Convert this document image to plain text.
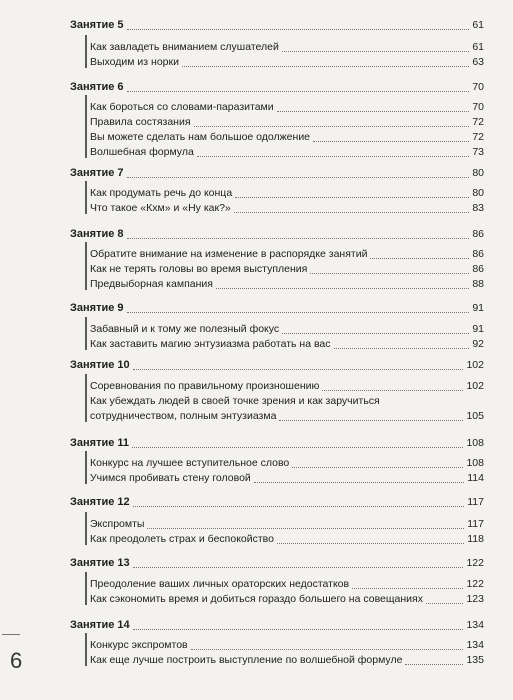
Занятие 5	61
Как завладеть вниманием слушателей	61
Выходим из норки	63
Занятие 6	70
Как бороться со словами-паразитами	70
Правила состязания	72
Вы можете сделать нам большое одолжение	72
Волшебная формула	73
Занятие 7	80
Как продумать речь до конца	80
Что такое «Кхм» и «Ну как?»	83
Занятие 8	86
Обратите внимание на изменение в распорядке занятий	86
Как не терять головы во время выступления	86
Предвыборная кампания	88
Занятие 9	91
Забавный и к тому же полезный фокус	91
Как заставить магию энтузиазма работать на вас	92
Занятие 10	102
Соревнования по правильному произношению	102
Как убеждать людей в своей точке зрения и как заручиться
сотрудничеством, полным энтузиазма	105
Занятие 11	108
Конкурс на лучшее вступительное слово	108
Учимся пробивать стену головой	114
Занятие 12	117
Экспромты	117
Как преодолеть страх и беспокойство	118
Занятие 13	122
Преодоление ваших личных ораторских недостатков	122
Как сэкономить время и добиться гораздо большего на совещаниях	123
Занятие 14	134
Конкурс экспромтов	134
Как еще лучше построить выступление по волшебной формуле	135
6
